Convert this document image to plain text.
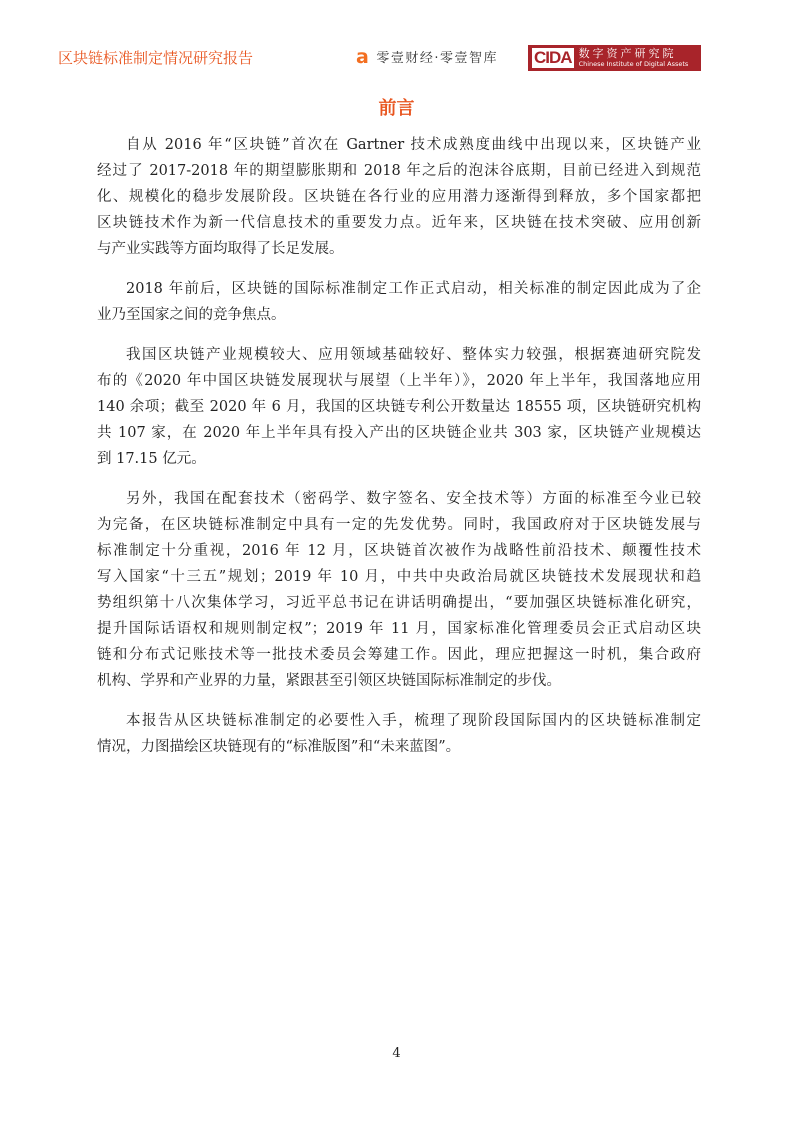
区块链标准制定情况研究报告	a 零壹财经·零壹智库 CIDA 数字资产研究院
Chinese Institute of Digital Assets
前言
自从 2016 年“区块链”首次在 Gartner 技术成熟度曲线中出现以来，区块链产业
经过了 2017-2018 年的期望膨胀期和 2018 年之后的泡沫谷底期，目前已经进入到规范
化、规模化的稳步发展阶段。区块链在各行业的应用潜力逐渐得到释放，多个国家都把
区块链技术作为新一代信息技术的重要发力点。近年来，区块链在技术突破、应用创新
与产业实践等方面均取得了长足发展。
2018 年前后，区块链的国际标准制定工作正式启动，相关标准的制定因此成为了企
业乃至国家之间的竞争焦点。
我国区块链产业规模较大、应用领域基础较好、整体实力较强，根据赛迪研究院发
布的《2020 年中国区块链发展现状与展望（上半年）》，2020 年上半年，我国落地应用
140 余项；截至 2020 年 6 月，我国的区块链专利公开数量达 18555 项，区块链研究机构
共 107 家，在 2020 年上半年具有投入产出的区块链企业共 303 家，区块链产业规模达
到 17.15 亿元。
另外，我国在配套技术（密码学、数字签名、安全技术等）方面的标准至今业已较
为完备，在区块链标准制定中具有一定的先发优势。同时，我国政府对于区块链发展与
标准制定十分重视，2016 年 12 月，区块链首次被作为战略性前沿技术、颠覆性技术
写入国家“十三五”规划；2019 年 10 月，中共中央政治局就区块链技术发展现状和趋
势组织第十八次集体学习，习近平总书记在讲话明确提出，“要加强区块链标准化研究，
提升国际话语权和规则制定权”；2019 年 11 月，国家标准化管理委员会正式启动区块
链和分布式记账技术等一批技术委员会筹建工作。因此，理应把握这一时机，集合政府
机构、学界和产业界的力量，紧跟甚至引领区块链国际标准制定的步伐。
本报告从区块链标准制定的必要性入手，梳理了现阶段国际国内的区块链标准制定
情况，力图描绘区块链现有的“标准版图”和“未来蓝图”。
4
